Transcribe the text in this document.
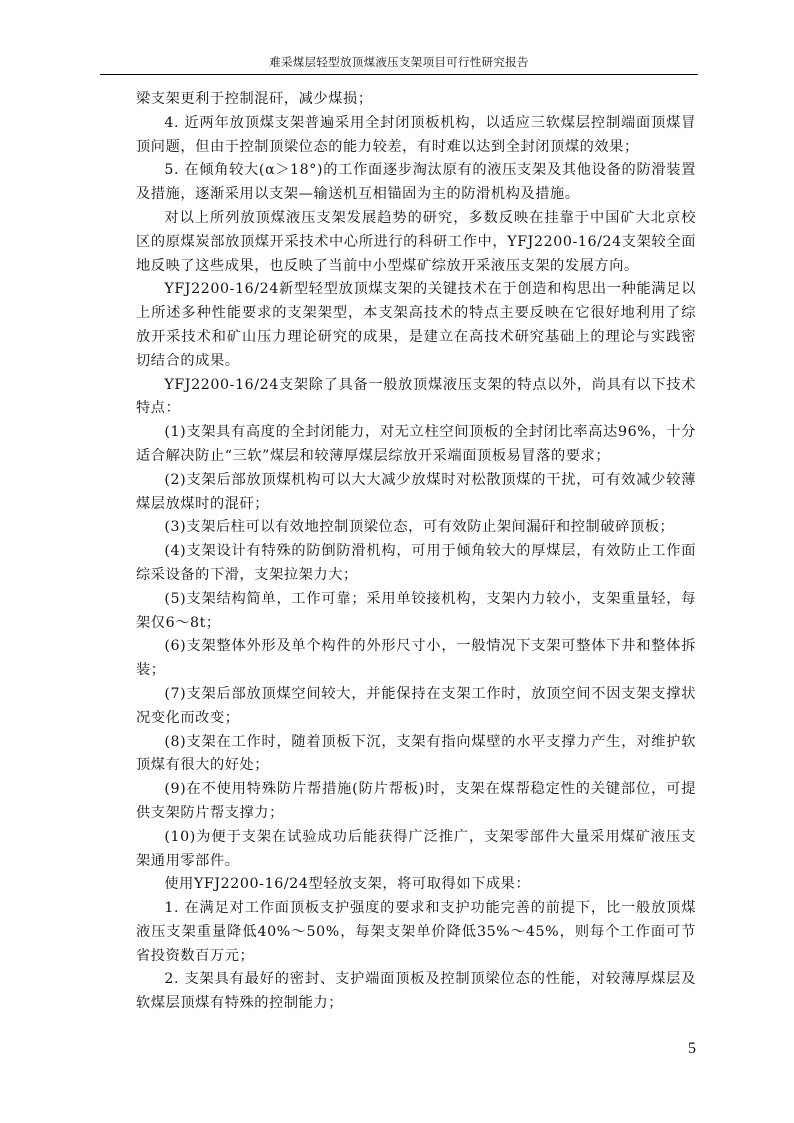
难采煤层轻型放顶煤液压支架项目可行性研究报告

梁支架更利于控制混矸，减少煤损；

4. 近两年放顶煤支架普遍采用全封闭顶板机构，以适应三软煤层控制端面顶煤冒顶问题，但由于控制顶梁位态的能力较差，有时难以达到全封闭顶煤的效果；

5. 在倾角较大(α＞18°)的工作面逐步淘汰原有的液压支架及其他设备的防滑装置及措施，逐渐采用以支架—输送机互相锚固为主的防滑机构及措施。

对以上所列放顶煤液压支架发展趋势的研究，多数反映在挂靠于中国矿大北京校区的原煤炭部放顶煤开采技术中心所进行的科研工作中，YFJ2200-16/24支架较全面地反映了这些成果，也反映了当前中小型煤矿综放开采液压支架的发展方向。

YFJ2200-16/24新型轻型放顶煤支架的关键技术在于创造和构思出一种能满足以上所述多种性能要求的支架架型，本支架高技术的特点主要反映在它很好地利用了综放开采技术和矿山压力理论研究的成果，是建立在高技术研究基础上的理论与实践密切结合的成果。

YFJ2200-16/24支架除了具备一般放顶煤液压支架的特点以外，尚具有以下技术特点：

(1)支架具有高度的全封闭能力，对无立柱空间顶板的全封闭比率高达96%，十分适合解决防止“三软”煤层和较薄厚煤层综放开采端面顶板易冒落的要求；

(2)支架后部放顶煤机构可以大大减少放煤时对松散顶煤的干扰，可有效减少较薄煤层放煤时的混矸；

(3)支架后柱可以有效地控制顶梁位态，可有效防止架间漏矸和控制破碎顶板；

(4)支架设计有特殊的防倒防滑机构，可用于倾角较大的厚煤层，有效防止工作面综采设备的下滑，支架拉架力大；

(5)支架结构简单，工作可靠；采用单铰接机构，支架内力较小，支架重量轻，每架仅6～8t；

(6)支架整体外形及单个构件的外形尺寸小，一般情况下支架可整体下井和整体拆装；

(7)支架后部放顶煤空间较大，并能保持在支架工作时，放顶空间不因支架支撑状况变化而改变；

(8)支架在工作时，随着顶板下沉，支架有指向煤壁的水平支撑力产生，对维护软顶煤有很大的好处；

(9)在不使用特殊防片帮措施(防片帮板)时，支架在煤帮稳定性的关键部位，可提供支架防片帮支撑力；

(10)为便于支架在试验成功后能获得广泛推广，支架零部件大量采用煤矿液压支架通用零部件。

使用YFJ2200-16/24型轻放支架，将可取得如下成果：

1. 在满足对工作面顶板支护强度的要求和支护功能完善的前提下，比一般放顶煤液压支架重量降低40%～50%，每架支架单价降低35%～45%，则每个工作面可节省投资数百万元；

2. 支架具有最好的密封、支护端面顶板及控制顶梁位态的性能，对较薄厚煤层及软煤层顶煤有特殊的控制能力；

5
